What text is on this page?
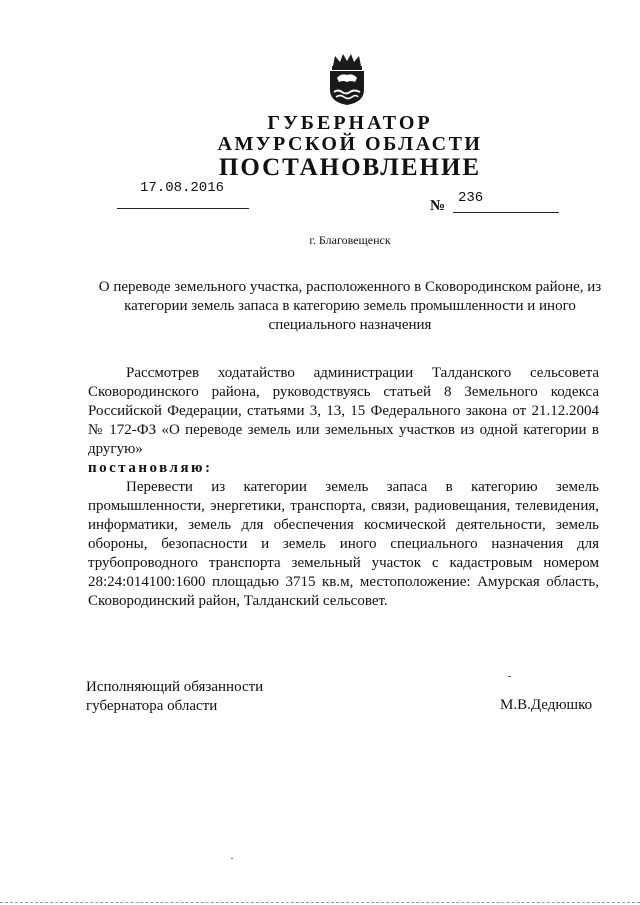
ГУБЕРНАТОР
АМУРСКОЙ ОБЛАСТИ
ПОСТАНОВЛЕНИЕ
17.08.2016
№ 236
г. Благовещенск
О переводе земельного участка, расположенного в Сковородинском районе, из категории земель запаса в категорию земель промышленности и иного специального назначения

Рассмотрев ходатайство администрации Талданского сельсовета Сковородинского района, руководствуясь статьей 8 Земельного кодекса Российской Федерации, статьями 3, 13, 15 Федерального закона от 21.12.2004 № 172-ФЗ «О переводе земель или земельных участков из одной категории в другую»

постановляю:

Перевести из категории земель запаса в категорию земель промышленности, энергетики, транспорта, связи, радиовещания, телевидения, информатики, земель для обеспечения космической деятельности, земель обороны, безопасности и земель иного специального назначения для трубопроводного транспорта земельный участок с кадастровым номером 28:24:014100:1600 площадью 3715 кв.м, местоположение: Амурская область, Сковородинский район, Талданский сельсовет.

Исполняющий обязанности
губернатора области	М.В.Дедюшко
